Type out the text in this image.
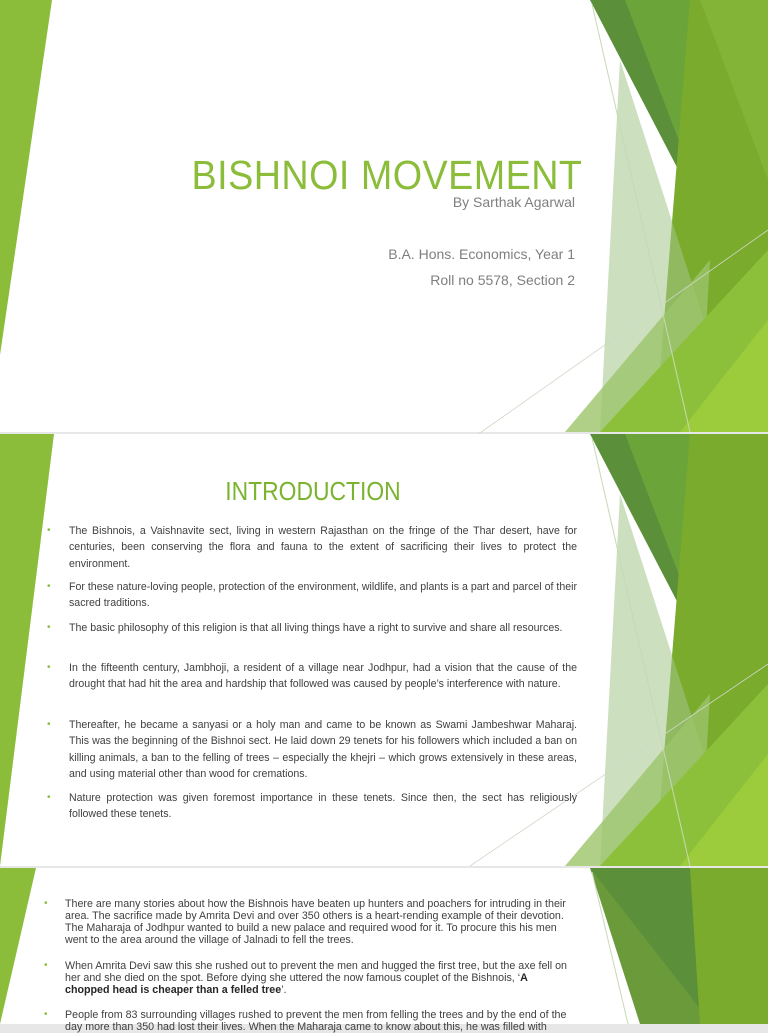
BISHNOI MOVEMENT
By Sarthak Agarwal
B.A. Hons. Economics, Year 1
Roll no 5578, Section 2
INTRODUCTION
• The Bishnois, a Vaishnavite sect, living in western Rajasthan on the fringe of the Thar desert, have for centuries, been conserving the flora and fauna to the extent of sacrificing their lives to protect the environment.
• For these nature-loving people, protection of the environment, wildlife, and plants is a part and parcel of their sacred traditions.
• The basic philosophy of this religion is that all living things have a right to survive and share all resources.
• In the fifteenth century, Jambhoji, a resident of a village near Jodhpur, had a vision that the cause of the drought that had hit the area and hardship that followed was caused by people’s interference with nature.
• Thereafter, he became a sanyasi or a holy man and came to be known as Swami Jambeshwar Maharaj. This was the beginning of the Bishnoi sect. He laid down 29 tenets for his followers which included a ban on killing animals, a ban to the felling of trees – especially the khejri – which grows extensively in these areas, and using material other than wood for cremations.
• Nature protection was given foremost importance in these tenets. Since then, the sect has religiously followed these tenets.
• There are many stories about how the Bishnois have beaten up hunters and poachers for intruding in their area. The sacrifice made by Amrita Devi and over 350 others is a heart-rending example of their devotion. The Maharaja of Jodhpur wanted to build a new palace and required wood for it. To procure this his men went to the area around the village of Jalnadi to fell the trees.
• When Amrita Devi saw this she rushed out to prevent the men and hugged the first tree, but the axe fell on her and she died on the spot. Before dying she uttered the now famous couplet of the Bishnois, ‘A chopped head is cheaper than a felled tree’.
• People from 83 surrounding villages rushed to prevent the men from felling the trees and by the end of the day more than 350 had lost their lives. When the Maharaja came to know about this, he was filled with
